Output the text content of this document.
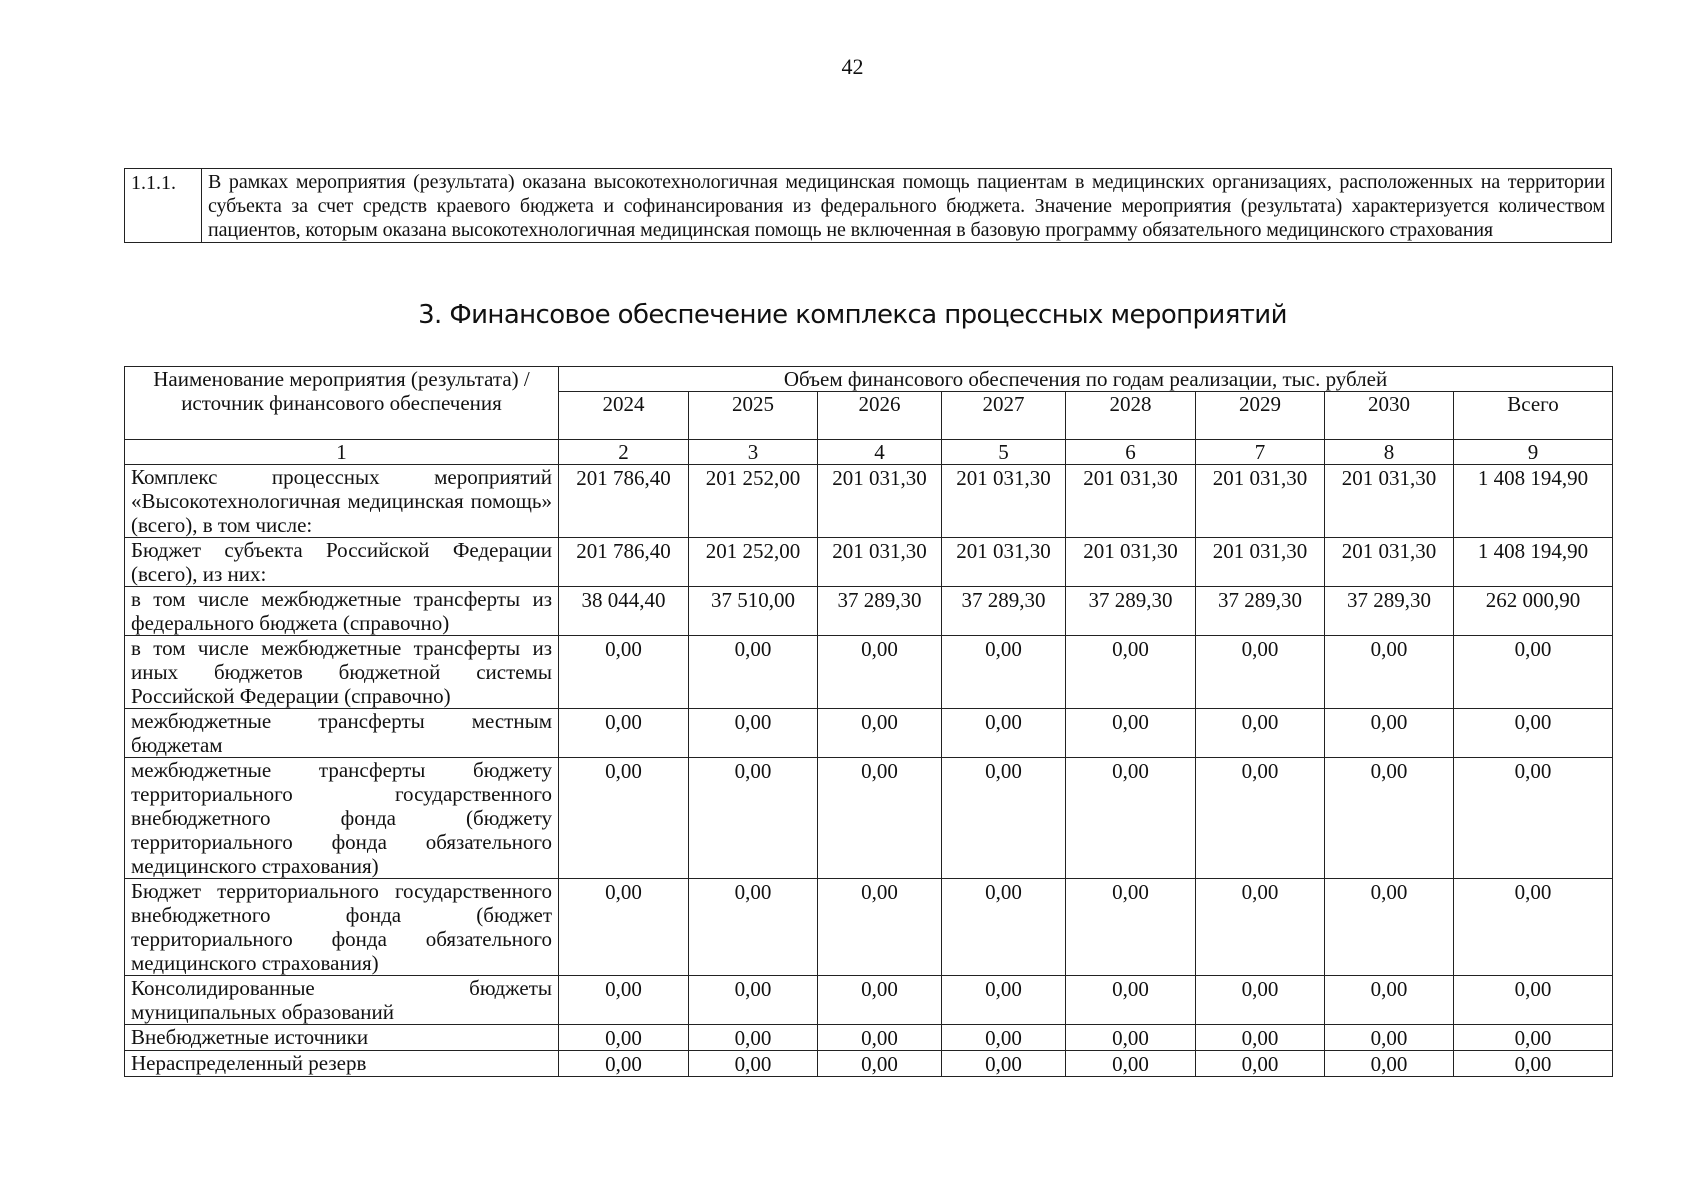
42
1.1.1.	В рамках мероприятия (результата) оказана высокотехнологичная медицинская помощь пациентам в медицинских организациях, расположенных на территории субъекта за счет средств краевого бюджета и софинансирования из федерального бюджета. Значение мероприятия (результата) характеризуется количеством пациентов, которым оказана высокотехнологичная медицинская помощь не включенная в базовую программу обязательного медицинского страхования
3. Финансовое обеспечение комплекса процессных мероприятий
Наименование мероприятия (результата) / источник финансового обеспечения	Объем финансового обеспечения по годам реализации, тыс. рублей							
	2024	2025	2026	2027	2028	2029	2030	Всего
1	2	3	4	5	6	7	8	9
Комплекс процессных мероприятий «Высокотехнологичная медицинская помощь» (всего), в том числе:	201 786,40	201 252,00	201 031,30	201 031,30	201 031,30	201 031,30	201 031,30	1 408 194,90
Бюджет субъекта Российской Федерации (всего), из них:	201 786,40	201 252,00	201 031,30	201 031,30	201 031,30	201 031,30	201 031,30	1 408 194,90
в том числе межбюджетные трансферты из федерального бюджета (справочно)	38 044,40	37 510,00	37 289,30	37 289,30	37 289,30	37 289,30	37 289,30	262 000,90
в том числе межбюджетные трансферты из иных бюджетов бюджетной системы Российской Федерации (справочно)	0,00	0,00	0,00	0,00	0,00	0,00	0,00	0,00
межбюджетные трансферты местным бюджетам	0,00	0,00	0,00	0,00	0,00	0,00	0,00	0,00
межбюджетные трансферты бюджету территориального государственного внебюджетного фонда (бюджету территориального фонда обязательного медицинского страхования)	0,00	0,00	0,00	0,00	0,00	0,00	0,00	0,00
Бюджет территориального государственного внебюджетного фонда (бюджет территориального фонда обязательного медицинского страхования)	0,00	0,00	0,00	0,00	0,00	0,00	0,00	0,00
Консолидированные бюджеты муниципальных образований	0,00	0,00	0,00	0,00	0,00	0,00	0,00	0,00
Внебюджетные источники	0,00	0,00	0,00	0,00	0,00	0,00	0,00	0,00
Нераспределенный резерв	0,00	0,00	0,00	0,00	0,00	0,00	0,00	0,00
